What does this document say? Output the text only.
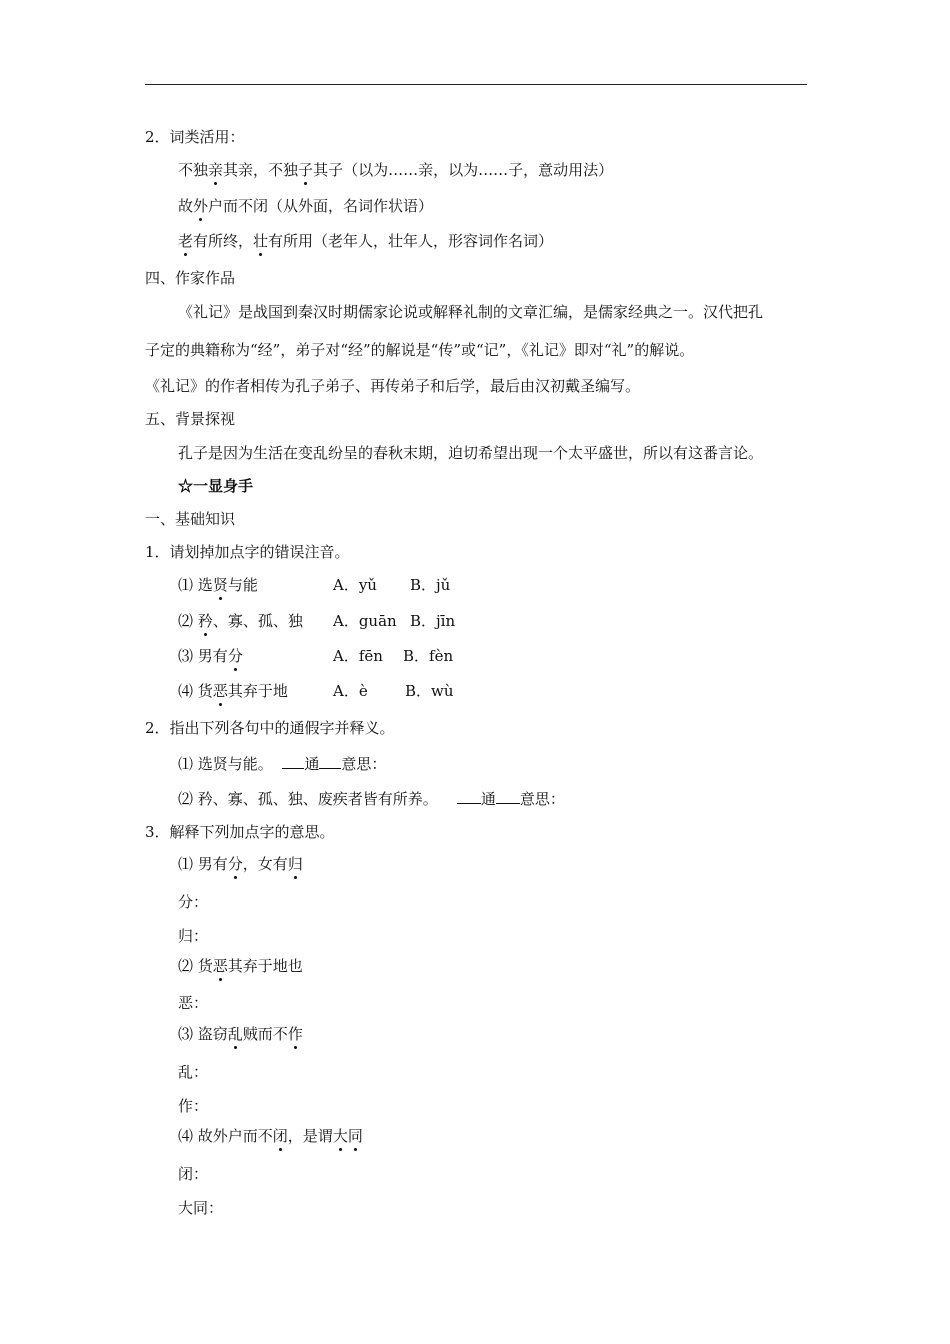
2．词类活用：
不独亲其亲，不独子其子（以为……亲，以为……子，意动用法）
故外户而不闭（从外面，名词作状语）
老有所终，壮有所用（老年人，壮年人，形容词作名词）
四、作家作品
《礼记》是战国到秦汉时期儒家论说或解释礼制的文章汇编，是儒家经典之一。汉代把孔
子定的典籍称为“经”，弟子对“经”的解说是“传”或“记”，《礼记》即对“礼”的解说。
《礼记》的作者相传为孔子弟子、再传弟子和后学，最后由汉初戴圣编写。
五、背景探视
孔子是因为生活在变乱纷呈的春秋末期，迫切希望出现一个太平盛世，所以有这番言论。
☆一显身手
一、基础知识
1．请划掉加点字的错误注音。
⑴ 选贤与能	A．yǔ B．jǔ
⑵ 矜、寡、孤、独 A．guān B．jīn
⑶ 男有分	A．fēn B．fèn
⑷ 货恶其弃于地	A．è B．wù
2．指出下列各句中的通假字并释义。
⑴ 选贤与能。 通 意思：
⑵ 矜、寡、孤、独、废疾者皆有所养。	通 意思：
3．解释下列加点字的意思。
⑴ 男有分，女有归
分：
归：
⑵ 货恶其弃于地也
恶：
⑶ 盗窃乱贼而不作
乱：
作：
⑷ 故外户而不闭，是谓大同
闭：
大同：
